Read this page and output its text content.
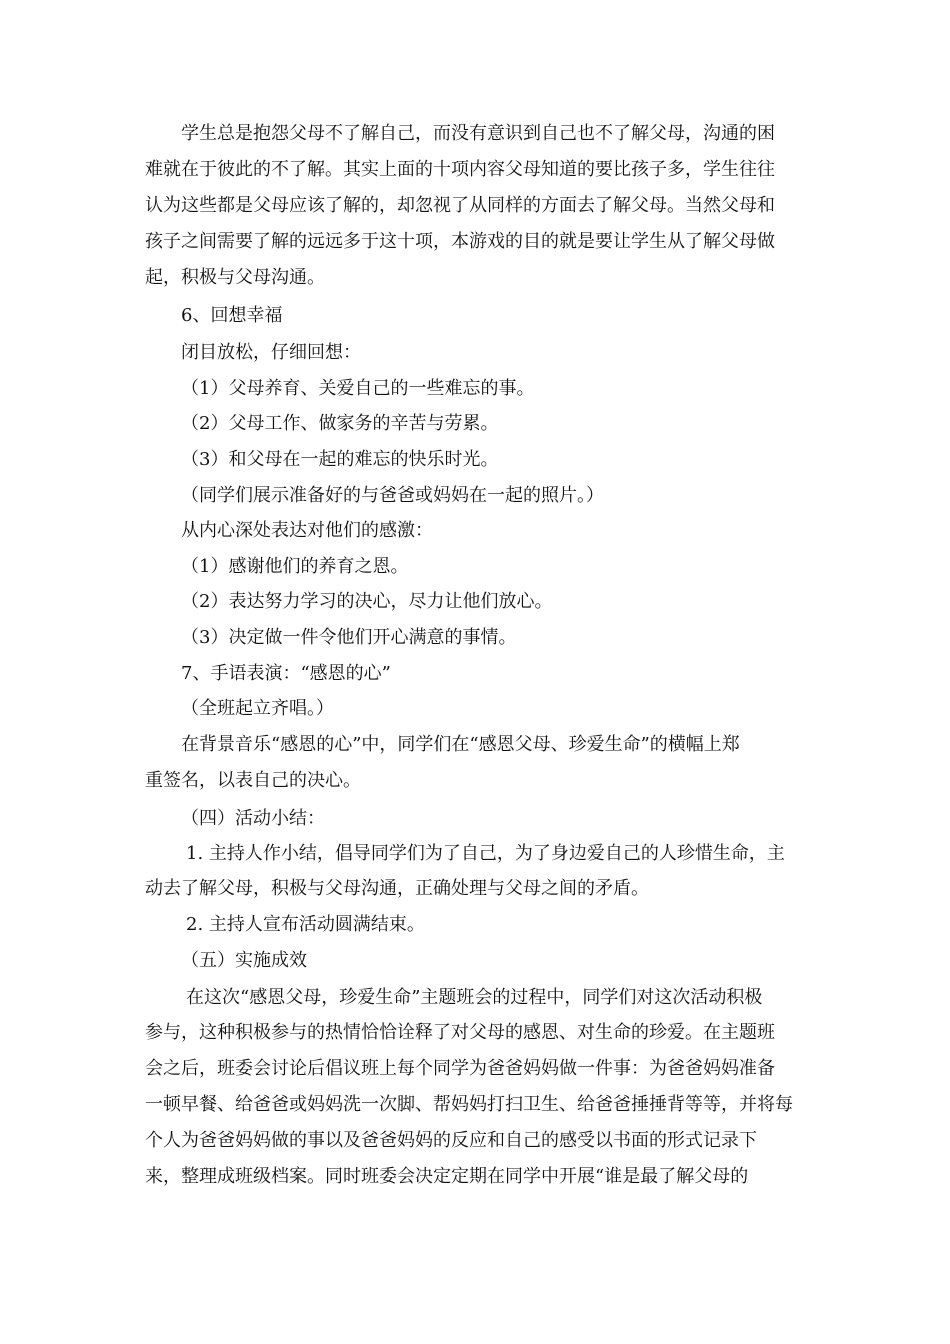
学生总是抱怨父母不了解自己，而没有意识到自己也不了解父母，沟通的困
难就在于彼此的不了解。其实上面的十项内容父母知道的要比孩子多，学生往往
认为这些都是父母应该了解的，却忽视了从同样的方面去了解父母。当然父母和
孩子之间需要了解的远远多于这十项，本游戏的目的就是要让学生从了解父母做
起，积极与父母沟通。
6、回想幸福
闭目放松，仔细回想：
（1）父母养育、关爱自己的一些难忘的事。
（2）父母工作、做家务的辛苦与劳累。
（3）和父母在一起的难忘的快乐时光。
（同学们展示准备好的与爸爸或妈妈在一起的照片。）
从内心深处表达对他们的感激：
（1）感谢他们的养育之恩。
（2）表达努力学习的决心，尽力让他们放心。
（3）决定做一件令他们开心满意的事情。
7、手语表演：“感恩的心”
（全班起立齐唱。）
在背景音乐“感恩的心”中，同学们在“感恩父母、珍爱生命”的横幅上郑
重签名，以表自己的决心。
（四）活动小结：
1. 主持人作小结，倡导同学们为了自己，为了身边爱自己的人珍惜生命，主
动去了解父母，积极与父母沟通，正确处理与父母之间的矛盾。
2. 主持人宣布活动圆满结束。
（五）实施成效
在这次“感恩父母，珍爱生命”主题班会的过程中，同学们对这次活动积极
参与，这种积极参与的热情恰恰诠释了对父母的感恩、对生命的珍爱。在主题班
会之后，班委会讨论后倡议班上每个同学为爸爸妈妈做一件事：为爸爸妈妈准备
一顿早餐、给爸爸或妈妈洗一次脚、帮妈妈打扫卫生、给爸爸捶捶背等等，并将每
个人为爸爸妈妈做的事以及爸爸妈妈的反应和自己的感受以书面的形式记录下
来，整理成班级档案。同时班委会决定定期在同学中开展“谁是最了解父母的
